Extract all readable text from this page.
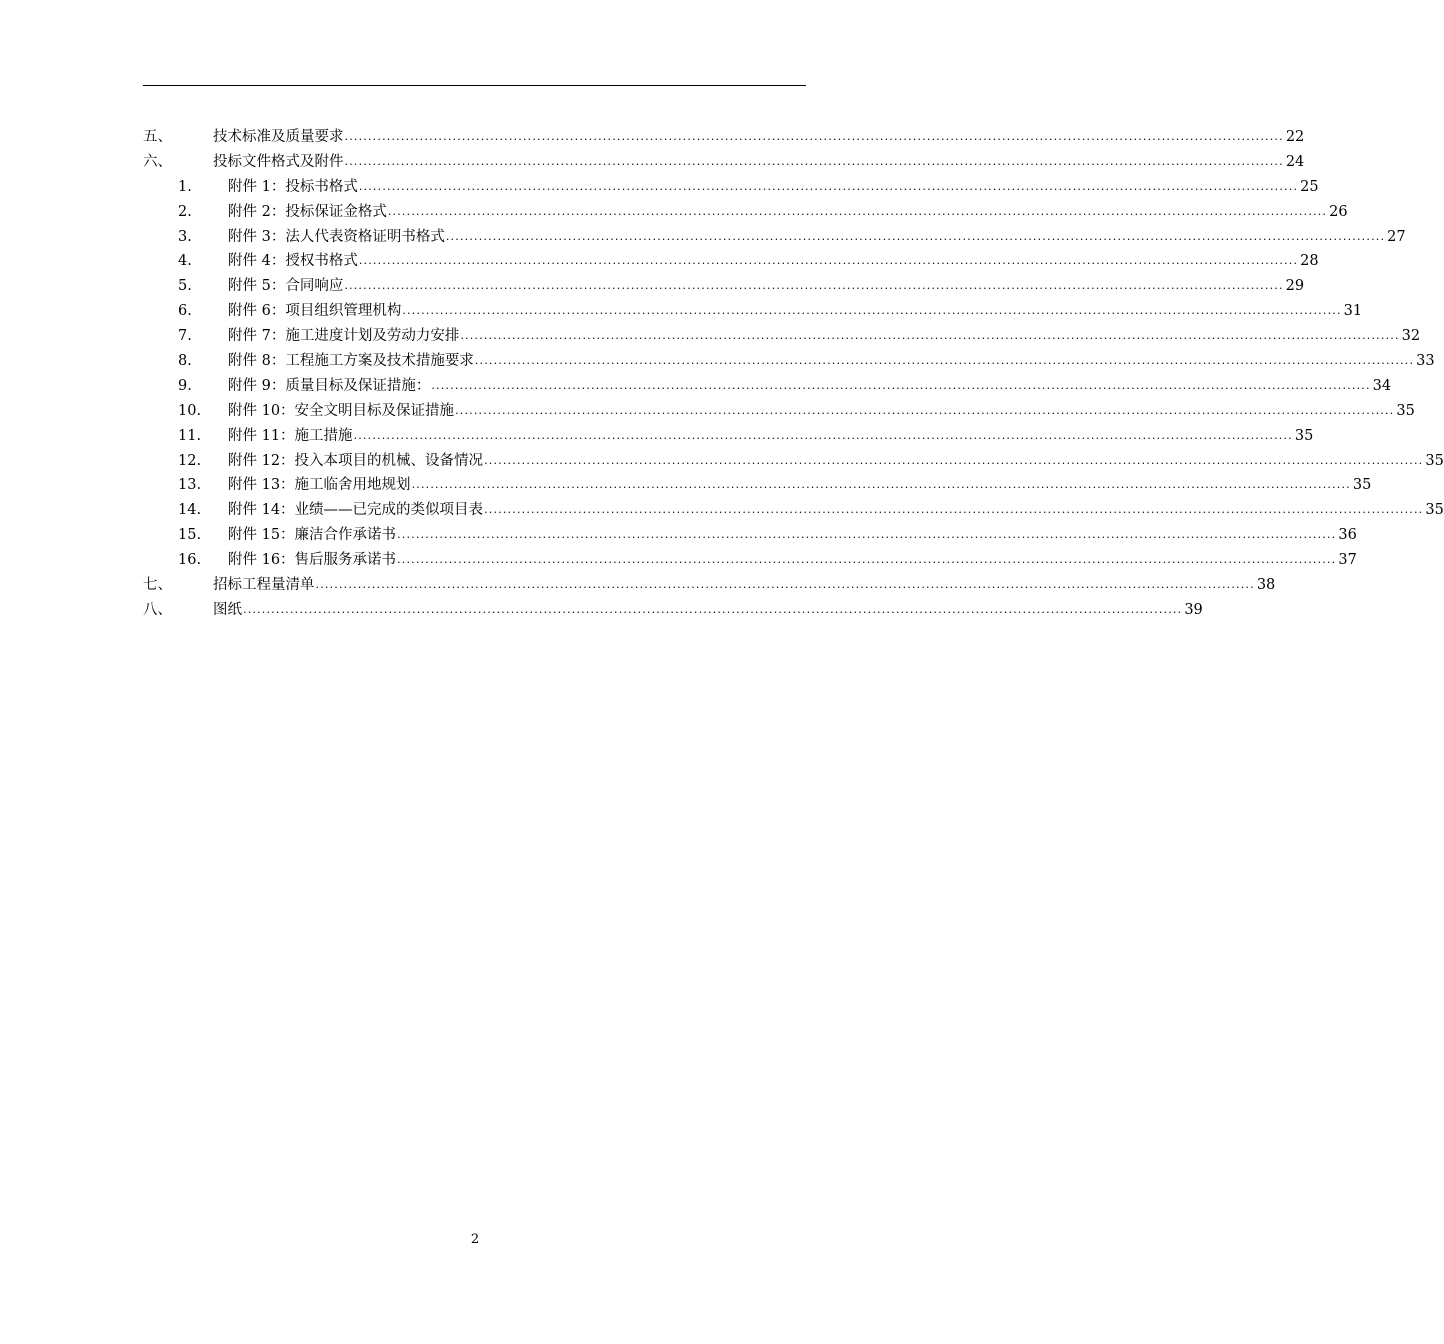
五、	技术标准及质量要求 ........................................................................................................................................................................................................ 22
六、	投标文件格式及附件 ........................................................................................................................................................................................................ 24
1.	附件 1：投标书格式 ........................................................................................................................................................................................................ 25
2.	附件 2：投标保证金格式 ........................................................................................................................................................................................................ 26
3.	附件 3：法人代表资格证明书格式 ........................................................................................................................................................................................................ 27
4.	附件 4：授权书格式 ........................................................................................................................................................................................................ 28
5.	附件 5：合同响应 ........................................................................................................................................................................................................ 29
6.	附件 6：项目组织管理机构 ........................................................................................................................................................................................................ 31
7.	附件 7：施工进度计划及劳动力安排 ........................................................................................................................................................................................................ 32
8.	附件 8：工程施工方案及技术措施要求 ........................................................................................................................................................................................................ 33
9.	附件 9：质量目标及保证措施： ........................................................................................................................................................................................................ 34
10.	附件 10：安全文明目标及保证措施 ........................................................................................................................................................................................................ 35
11.	附件 11：施工措施 ........................................................................................................................................................................................................ 35
12.	附件 12：投入本项目的机械、设备情况 ........................................................................................................................................................................................................ 35
13.	附件 13：施工临舍用地规划 ........................................................................................................................................................................................................ 35
14.	附件 14：业绩——已完成的类似项目表 ........................................................................................................................................................................................................ 35
15.	附件 15：廉洁合作承诺书 ........................................................................................................................................................................................................ 36
16.	附件 16：售后服务承诺书 ........................................................................................................................................................................................................ 37
七、	招标工程量清单 ........................................................................................................................................................................................................ 38
八、	图纸 ........................................................................................................................................................................................................ 39
2
